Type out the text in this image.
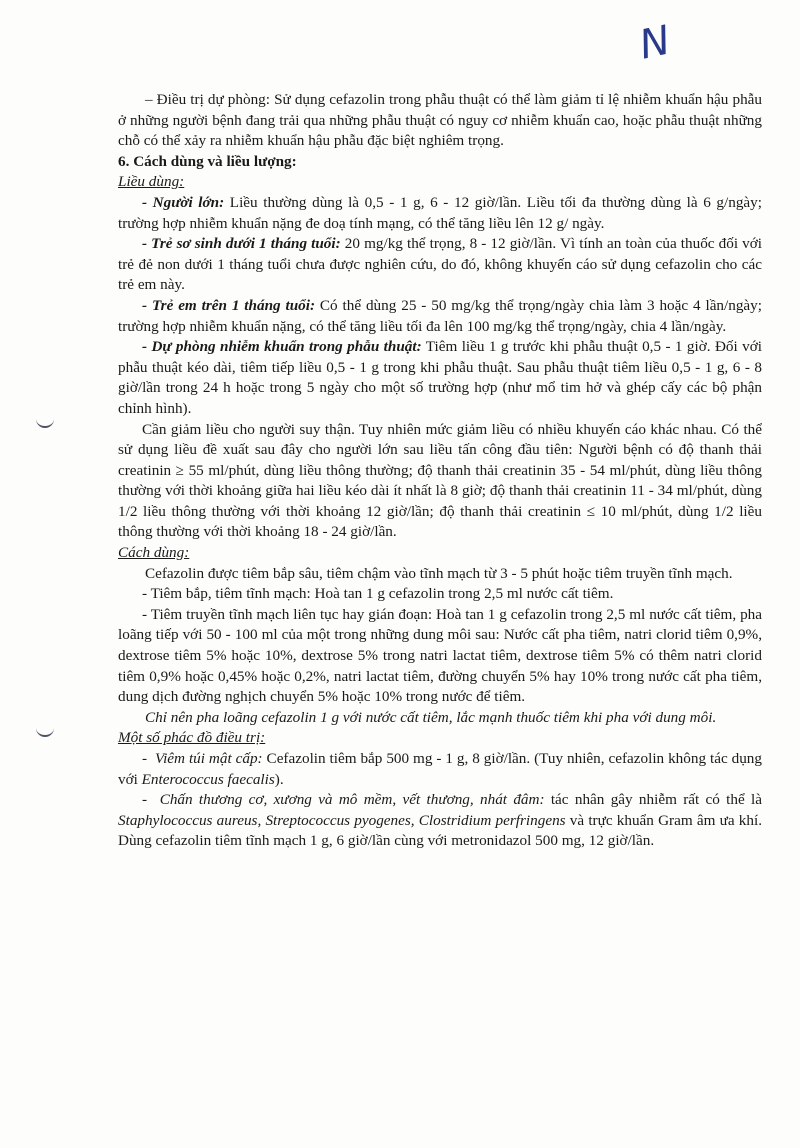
N

– Điều trị dự phòng: Sử dụng cefazolin trong phẫu thuật có thể làm giảm tỉ lệ nhiễm khuẩn hậu phẫu ở những người bệnh đang trải qua những phẫu thuật có nguy cơ nhiễm khuẩn cao, hoặc phẫu thuật những chỗ có thể xảy ra nhiễm khuẩn hậu phẫu đặc biệt nghiêm trọng.

6. Cách dùng và liều lượng:

Liều dùng:

- Người lớn: Liều thường dùng là 0,5 - 1 g, 6 - 12 giờ/lần. Liều tối đa thường dùng là 6 g/ngày; trường hợp nhiễm khuẩn nặng đe doạ tính mạng, có thể tăng liều lên 12 g/ ngày.

- Trẻ sơ sinh dưới 1 tháng tuổi: 20 mg/kg thể trọng, 8 - 12 giờ/lần. Vì tính an toàn của thuốc đối với trẻ đẻ non dưới 1 tháng tuổi chưa được nghiên cứu, do đó, không khuyến cáo sử dụng cefazolin cho các trẻ em này.

- Trẻ em trên 1 tháng tuổi: Có thể dùng 25 - 50 mg/kg thể trọng/ngày chia làm 3 hoặc 4 lần/ngày; trường hợp nhiễm khuẩn nặng, có thể tăng liều tối đa lên 100 mg/kg thể trọng/ngày, chia 4 lần/ngày.

- Dự phòng nhiễm khuẩn trong phẫu thuật: Tiêm liều 1 g trước khi phẫu thuật 0,5 - 1 giờ. Đối với phẫu thuật kéo dài, tiêm tiếp liều 0,5 - 1 g trong khi phẫu thuật. Sau phẫu thuật tiêm liều 0,5 - 1 g, 6 - 8 giờ/lần trong 24 h hoặc trong 5 ngày cho một số trường hợp (như mổ tim hở và ghép cấy các bộ phận chỉnh hình).

Cần giảm liều cho người suy thận. Tuy nhiên mức giảm liều có nhiều khuyến cáo khác nhau. Có thể sử dụng liều đề xuất sau đây cho người lớn sau liều tấn công đầu tiên: Người bệnh có độ thanh thải creatinin ≥ 55 ml/phút, dùng liều thông thường; độ thanh thải creatinin 35 - 54 ml/phút, dùng liều thông thường với thời khoảng giữa hai liều kéo dài ít nhất là 8 giờ; độ thanh thải creatinin 11 - 34 ml/phút, dùng 1/2 liều thông thường với thời khoảng 12 giờ/lần; độ thanh thải creatinin ≤ 10 ml/phút, dùng 1/2 liều thông thường với thời khoảng 18 - 24 giờ/lần.

Cách dùng:

Cefazolin được tiêm bắp sâu, tiêm chậm vào tĩnh mạch từ 3 - 5 phút hoặc tiêm truyền tĩnh mạch.

- Tiêm bắp, tiêm tĩnh mạch: Hoà tan 1 g cefazolin trong 2,5 ml nước cất tiêm.

- Tiêm truyền tĩnh mạch liên tục hay gián đoạn: Hoà tan 1 g cefazolin trong 2,5 ml nước cất tiêm, pha loãng tiếp với 50 - 100 ml của một trong những dung môi sau: Nước cất pha tiêm, natri clorid tiêm 0,9%, dextrose tiêm 5% hoặc 10%, dextrose 5% trong natri lactat tiêm, dextrose tiêm 5% có thêm natri clorid tiêm 0,9% hoặc 0,45% hoặc 0,2%, natri lactat tiêm, đường chuyển 5% hay 10% trong nước cất pha tiêm, dung dịch đường nghịch chuyển 5% hoặc 10% trong nước để tiêm.

Chỉ nên pha loãng cefazolin 1 g với nước cất tiêm, lắc mạnh thuốc tiêm khi pha với dung môi.

Một số phác đồ điều trị:

-  Viêm túi mật cấp: Cefazolin tiêm bắp 500 mg - 1 g, 8 giờ/lần. (Tuy nhiên, cefazolin không tác dụng với Enterococcus faecalis).

-  Chấn thương cơ, xương và mô mềm, vết thương, nhát đâm: tác nhân gây nhiễm rất có thể là Staphylococcus aureus, Streptococcus pyogenes, Clostridium perfringens và trực khuẩn Gram âm ưa khí. Dùng cefazolin tiêm tĩnh mạch 1 g, 6 giờ/lần cùng với metronidazol 500 mg, 12 giờ/lần.
